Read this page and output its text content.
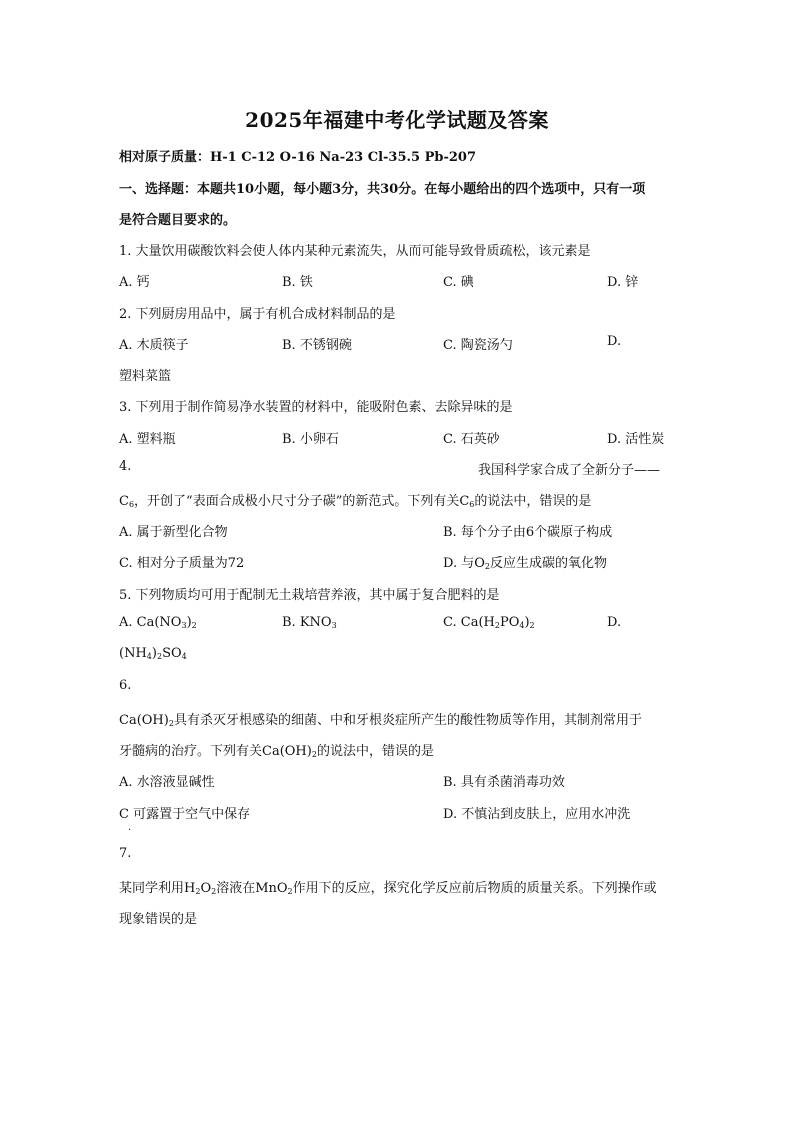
2025年福建中考化学试题及答案
相对原子质量：H-1 C-12 O-16 Na-23 Cl-35.5 Pb-207
一、选择题：本题共10小题，每小题3分，共30分。在每小题给出的四个选项中，只有一项
是符合题目要求的。
1. 大量饮用碳酸饮料会使人体内某种元素流失，从而可能导致骨质疏松，该元素是
A. 钙	B. 铁	C. 碘	D. 锌
2. 下列厨房用品中，属于有机合成材料制品的是
A. 木质筷子	B. 不锈钢碗	C. 陶瓷汤勺	D.
塑料菜篮
3. 下列用于制作简易净水装置的材料中，能吸附色素、去除异味的是
A. 塑料瓶	B. 小卵石	C. 石英砂	D. 活性炭
4.	我国科学家合成了全新分子——
$C_6$，开创了“表面合成极小尺寸分子碳”的新范式。下列有关$C_6$的说法中，错误的是
A. 属于新型化合物	B. 每个分子由6个碳原子构成
C. 相对分子质量为72	D. 与$O_2$反应生成碳的氧化物
5. 下列物质均可用于配制无土栽培营养液，其中属于复合肥料的是
A. $Ca(NO_3)_2$	B. $KNO_3$	C. $Ca(H_2PO_4)_2$	D.
$(NH_4)_2SO_4$
6.
$Ca(OH)_2$具有杀灭牙根感染的细菌、中和牙根炎症所产生的酸性物质等作用，其制剂常用于
牙髓病的治疗。下列有关$Ca(OH)_2$的说法中，错误的是
A. 水溶液显碱性	B. 具有杀菌消毒功效
C 可露置于空气中保存
.
D. 不慎沾到皮肤上，应用水冲洗
7.
某同学利用$H_2O_2$溶液在MnO$_2$作用下的反应，探究化学反应前后物质的质量关系。下列操作或
现象错误的是
